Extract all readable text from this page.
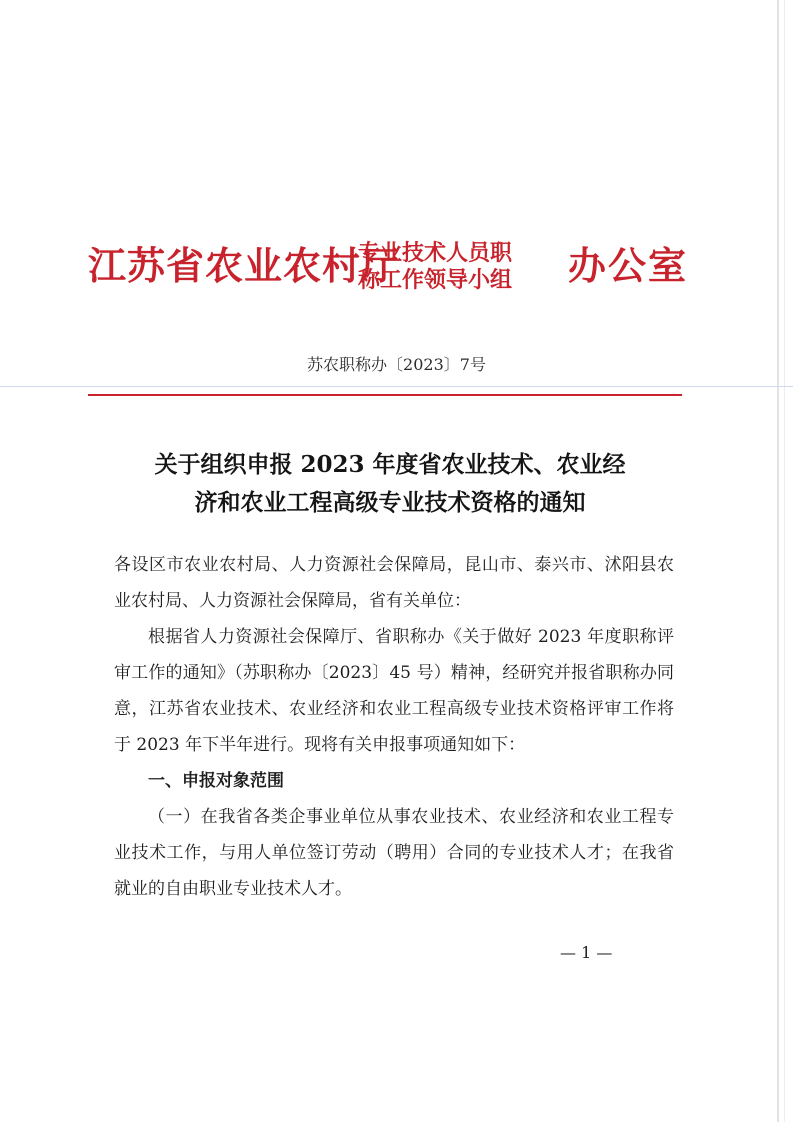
江苏省农业农村厅
专业技术人员职
称工作领导小组 办公室
苏农职称办〔2023〕7号
关于组织申报 2023 年度省农业技术、农业经
济和农业工程高级专业技术资格的通知

各设区市农业农村局、人力资源社会保障局，昆山市、泰兴市、沭阳县农业农村局、人力资源社会保障局，省有关单位：

根据省人力资源社会保障厅、省职称办《关于做好 2023 年度职称评审工作的通知》（苏职称办〔2023〕45 号）精神，经研究并报省职称办同意，江苏省农业技术、农业经济和农业工程高级专业技术资格评审工作将于 2023 年下半年进行。现将有关申报事项通知如下：

一、申报对象范围

（一）在我省各类企事业单位从事农业技术、农业经济和农业工程专业技术工作，与用人单位签订劳动（聘用）合同的专业技术人才；在我省就业的自由职业专业技术人才。

— 1 —
